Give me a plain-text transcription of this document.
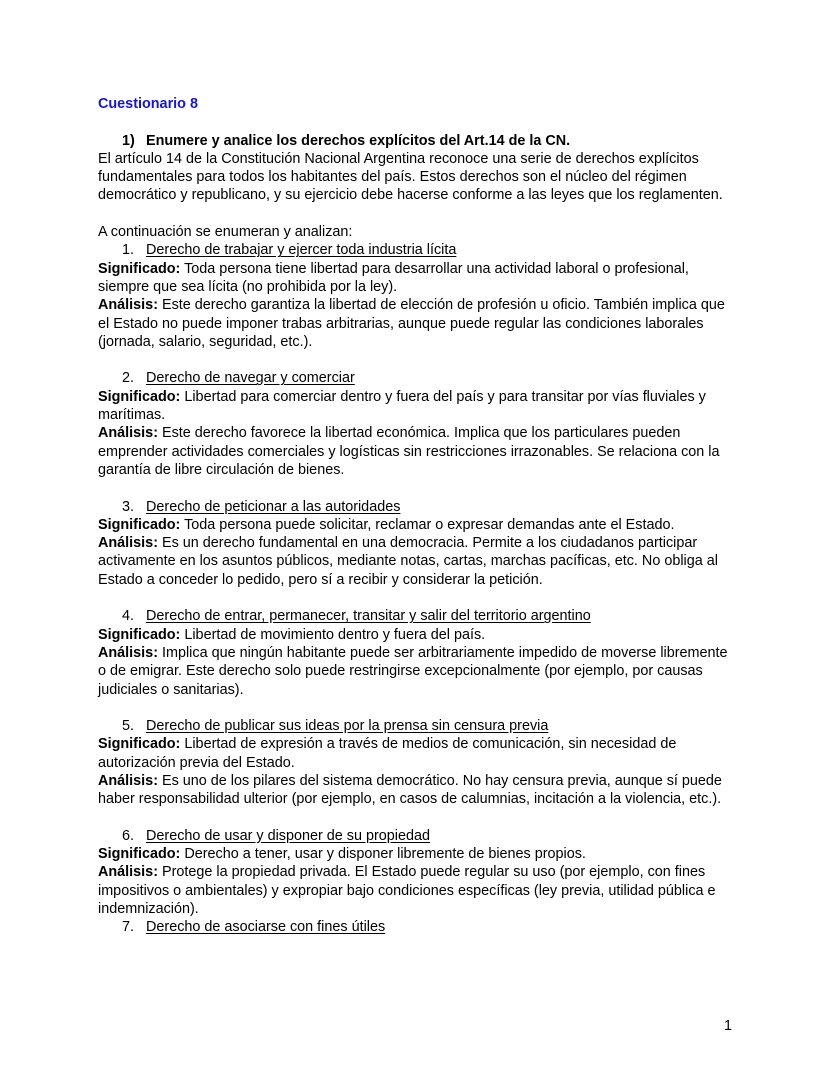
Cuestionario 8
1) Enumere y analice los derechos explícitos del Art.14 de la CN.

El artículo 14 de la Constitución Nacional Argentina reconoce una serie de derechos explícitos fundamentales para todos los habitantes del país. Estos derechos son el núcleo del régimen democrático y republicano, y su ejercicio debe hacerse conforme a las leyes que los reglamenten.

A continuación se enumeran y analizan:

1. Derecho de trabajar y ejercer toda industria lícita

Significado: Toda persona tiene libertad para desarrollar una actividad laboral o profesional, siempre que sea lícita (no prohibida por la ley).

Análisis: Este derecho garantiza la libertad de elección de profesión u oficio. También implica que el Estado no puede imponer trabas arbitrarias, aunque puede regular las condiciones laborales (jornada, salario, seguridad, etc.).

2. Derecho de navegar y comerciar

Significado: Libertad para comerciar dentro y fuera del país y para transitar por vías fluviales y marítimas.

Análisis: Este derecho favorece la libertad económica. Implica que los particulares pueden emprender actividades comerciales y logísticas sin restricciones irrazonables. Se relaciona con la garantía de libre circulación de bienes.

3. Derecho de peticionar a las autoridades

Significado: Toda persona puede solicitar, reclamar o expresar demandas ante el Estado.

Análisis: Es un derecho fundamental en una democracia. Permite a los ciudadanos participar activamente en los asuntos públicos, mediante notas, cartas, marchas pacíficas, etc. No obliga al Estado a conceder lo pedido, pero sí a recibir y considerar la petición.

4. Derecho de entrar, permanecer, transitar y salir del territorio argentino

Significado: Libertad de movimiento dentro y fuera del país.

Análisis: Implica que ningún habitante puede ser arbitrariamente impedido de moverse libremente o de emigrar. Este derecho solo puede restringirse excepcionalmente (por ejemplo, por causas judiciales o sanitarias).

5. Derecho de publicar sus ideas por la prensa sin censura previa

Significado: Libertad de expresión a través de medios de comunicación, sin necesidad de autorización previa del Estado.

Análisis: Es uno de los pilares del sistema democrático. No hay censura previa, aunque sí puede haber responsabilidad ulterior (por ejemplo, en casos de calumnias, incitación a la violencia, etc.).

6. Derecho de usar y disponer de su propiedad

Significado: Derecho a tener, usar y disponer libremente de bienes propios.

Análisis: Protege la propiedad privada. El Estado puede regular su uso (por ejemplo, con fines impositivos o ambientales) y expropiar bajo condiciones específicas (ley previa, utilidad pública e indemnización).

7. Derecho de asociarse con fines útiles
1
